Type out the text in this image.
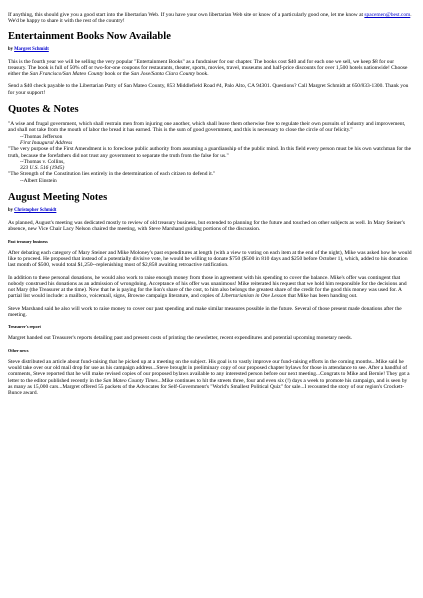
If anything, this should give you a good start into the libertarian Web. If you have your own libertarian Web site or know of a particularly good one, let me know at spacemen@best.com. We'd be happy to share it with the rest of the country!

Entertainment Books Now Available

by Margret Schmidt

This is the fourth year we will be selling the very popular "Entertainment Books" as a fundraiser for our chapter. The books cost $40 and for each one we sell, we keep $8 for our treasury. The book is full of 50% off or two-for-one coupons for restaurants, theater, sports, movies, travel, museums and half-price discounts for over 1,500 hotels nationwide! Choose either the San Francisco/San Mateo County book or the San Jose/Santa Clara County book.

Send a $40 check payable to the Libertarian Party of San Mateo County, 853 Middlefield Road #4, Palo Alto, CA 94301. Questions? Call Margret Schmidt at 650/833-1300. Thank you for your support!

Quotes & Notes

"A wise and frugal government, which shall restrain men from injuring one another, which shall leave them otherwise free to regulate their own pursuits of industry and improvement, and shall not take from the mouth of labor the bread it has earned. This is the sum of good government, and this is necessary to close the circle of our felicity."

--Thomas Jefferson

First Inaugural Address

"The very purpose of the First Amendment is to foreclose public authority from assuming a guardianship of the public mind. In this field every person must be his own watchman for the truth, because the forefathers did not trust any government to separate the truth from the false for us."

--Thomas v. Collins,

323 U.S. 516 (1945)

"The Strength of the Constitution lies entirely in the determination of each citizen to defend it."

--Albert Einstein

August Meeting Notes

by Christopher Schmidt

As planned, August's meeting was dedicated mostly to review of old treasury business, but extended to planning for the future and touched on other subjects as well. In Mary Steiner's absence, new Vice Chair Lacy Nelson chaired the meeting, with Steve Marshand guiding portions of the discussion.

Past treasury business

After debating each category of Mary Steiner and Mike Moloney's past expenditures at length (with a view to voting on each item at the end of the night), Mike was asked how he would like to proceed. He proposed that instead of a potentially divisive vote, he would be willing to donate $750 ($500 in 810 days and $250 before October 1), which, added to his donation last month of $500, would total $1,250--replenishing most of $2,858 awaiting retroactive ratification.

In addition to these personal donations, he would also work to raise enough money from those in agreement with his spending to cover the balance. Mike's offer was contingent that nobody construed his donations as an admission of wrongdoing. Acceptance of his offer was unanimous! Mike reiterated his request that we hold him responsible for the decisions and not Mary (the Treasurer at the time). Now that he is paying for the lion's share of the cost, to him also belongs the greatest share of the credit for the good this money was used for. A partial list would include: a mailbox, voicemail, signs, Browne campaign literature, and copies of Libertarianism in One Lesson that Mike has been handing out.

Steve Marshand said he also will work to raise money to cover our past spending and make similar measures possible in the future. Several of those present made donations after the meeting.

Treasurer's report

Margret handed out Treasurer's reports detailing past and present costs of printing the newsletter, recent expenditures and potential upcoming monetary needs.

Other news

Steve distributed an article about fund-raising that he picked up at a meeting on the subject. His goal is to vastly improve our fund-raising efforts in the coming months...Mike said he would take over our old mail drop for use as his campaign address...Steve brought in preliminary copy of our proposed chapter bylaws for those in attendance to see. After a handful of comments, Steve reported that he will make revised copies of our proposed bylaws available to any interested person before our next meeting...Congrats to Mike and Bernie! They got a letter to the editor published recently in the San Mateo County Times...Mike continues to hit the streets three, four and even six (!) days a week to promote his campaign, and is seen by as many as 15,000 cars...Margret offered 55 packets of the Advocates for Self-Government's "World's Smallest Political Quiz" for sale...I recounted the story of our region's Crockett-Bunce award.
